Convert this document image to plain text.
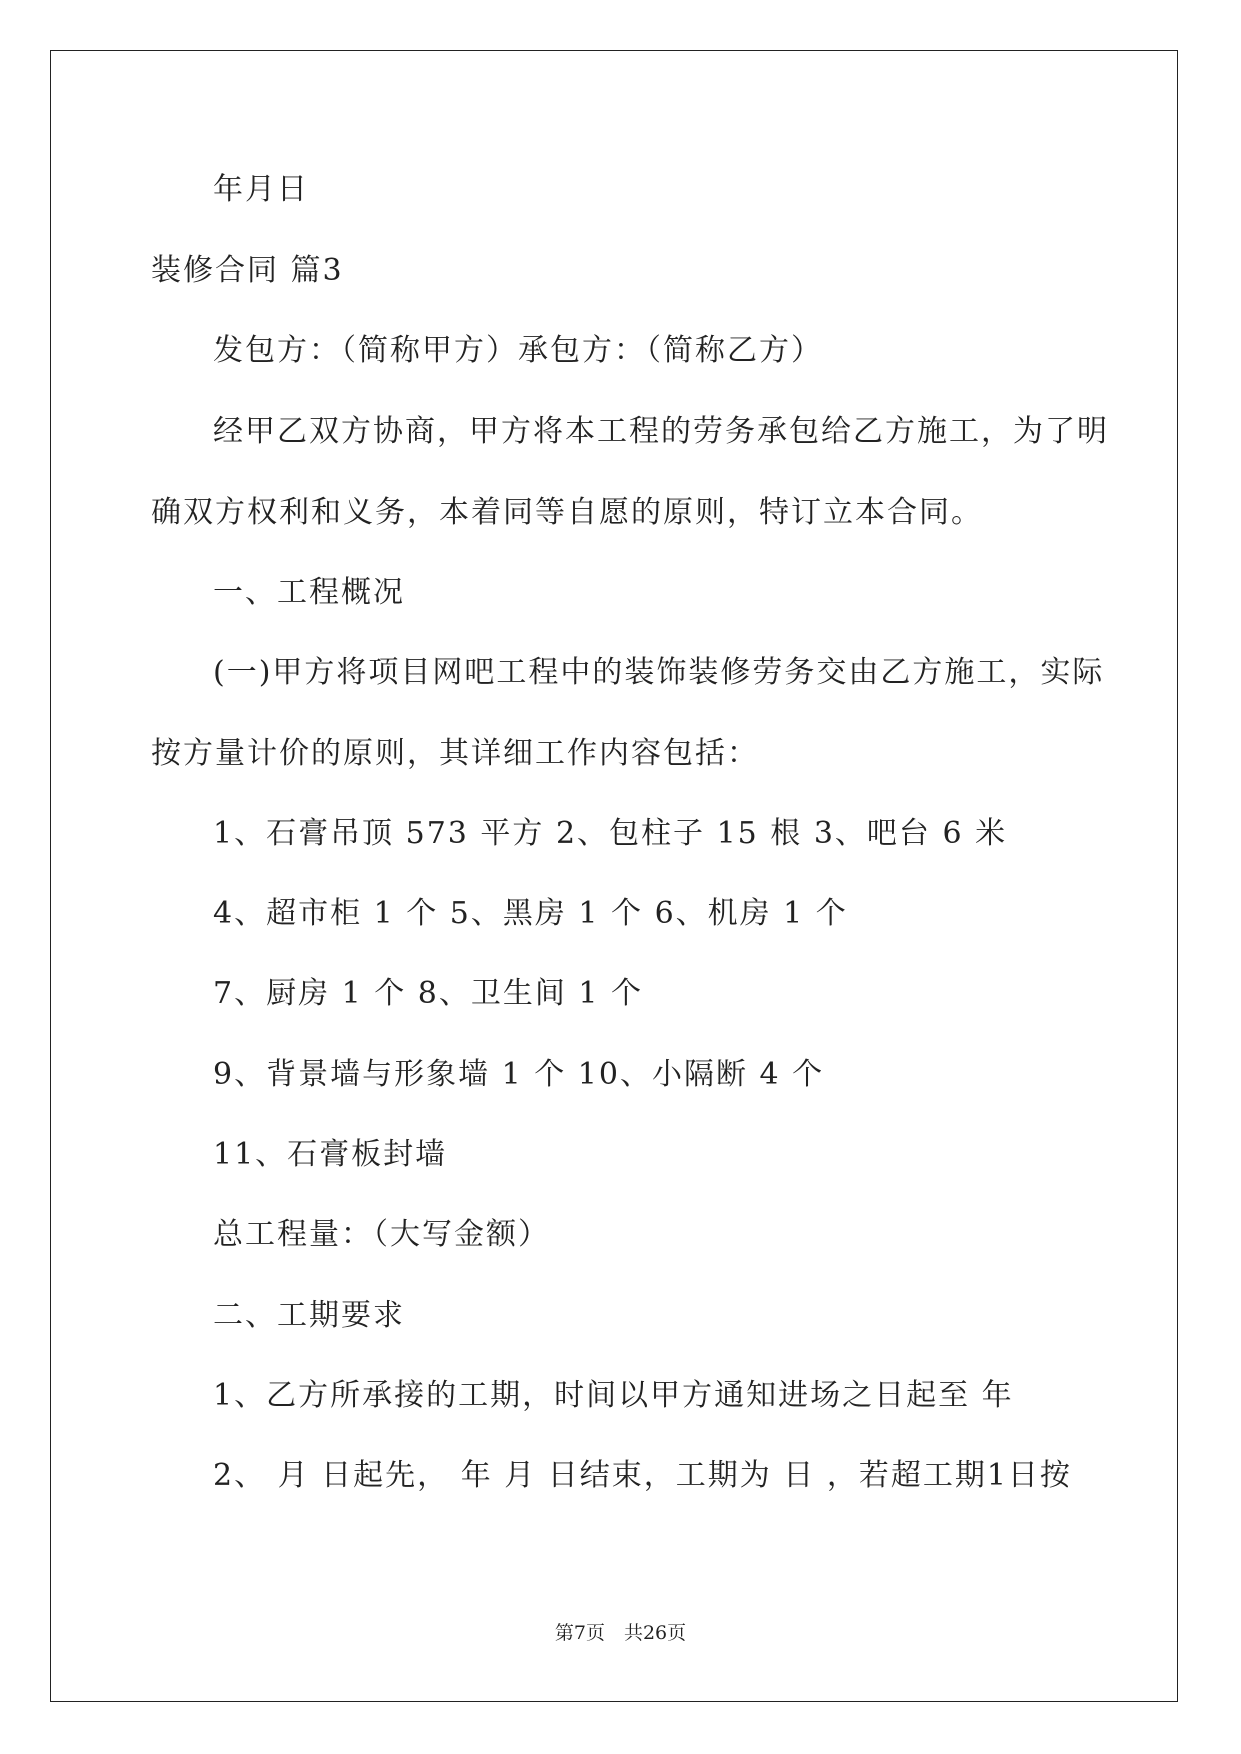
年月日
装修合同 篇3
发包方：（简称甲方）承包方：（简称乙方）
经甲乙双方协商，甲方将本工程的劳务承包给乙方施工，为了明
确双方权利和义务，本着同等自愿的原则，特订立本合同。
一、工程概况
(一)甲方将项目网吧工程中的装饰装修劳务交由乙方施工，实际
按方量计价的原则，其详细工作内容包括：
1、石膏吊顶 573 平方 2、包柱子 15 根 3、吧台 6 米
4、超市柜 1 个 5、黑房 1 个 6、机房 1 个
7、厨房 1 个 8、卫生间 1 个
9、背景墙与形象墙 1 个 10、小隔断 4 个
11、石膏板封墙
总工程量：（大写金额）
二、工期要求
1、乙方所承接的工期，时间以甲方通知进场之日起至 年
2、 月 日起先， 年 月 日结束，工期为 日 ，若超工期1日按
第7页　共26页
